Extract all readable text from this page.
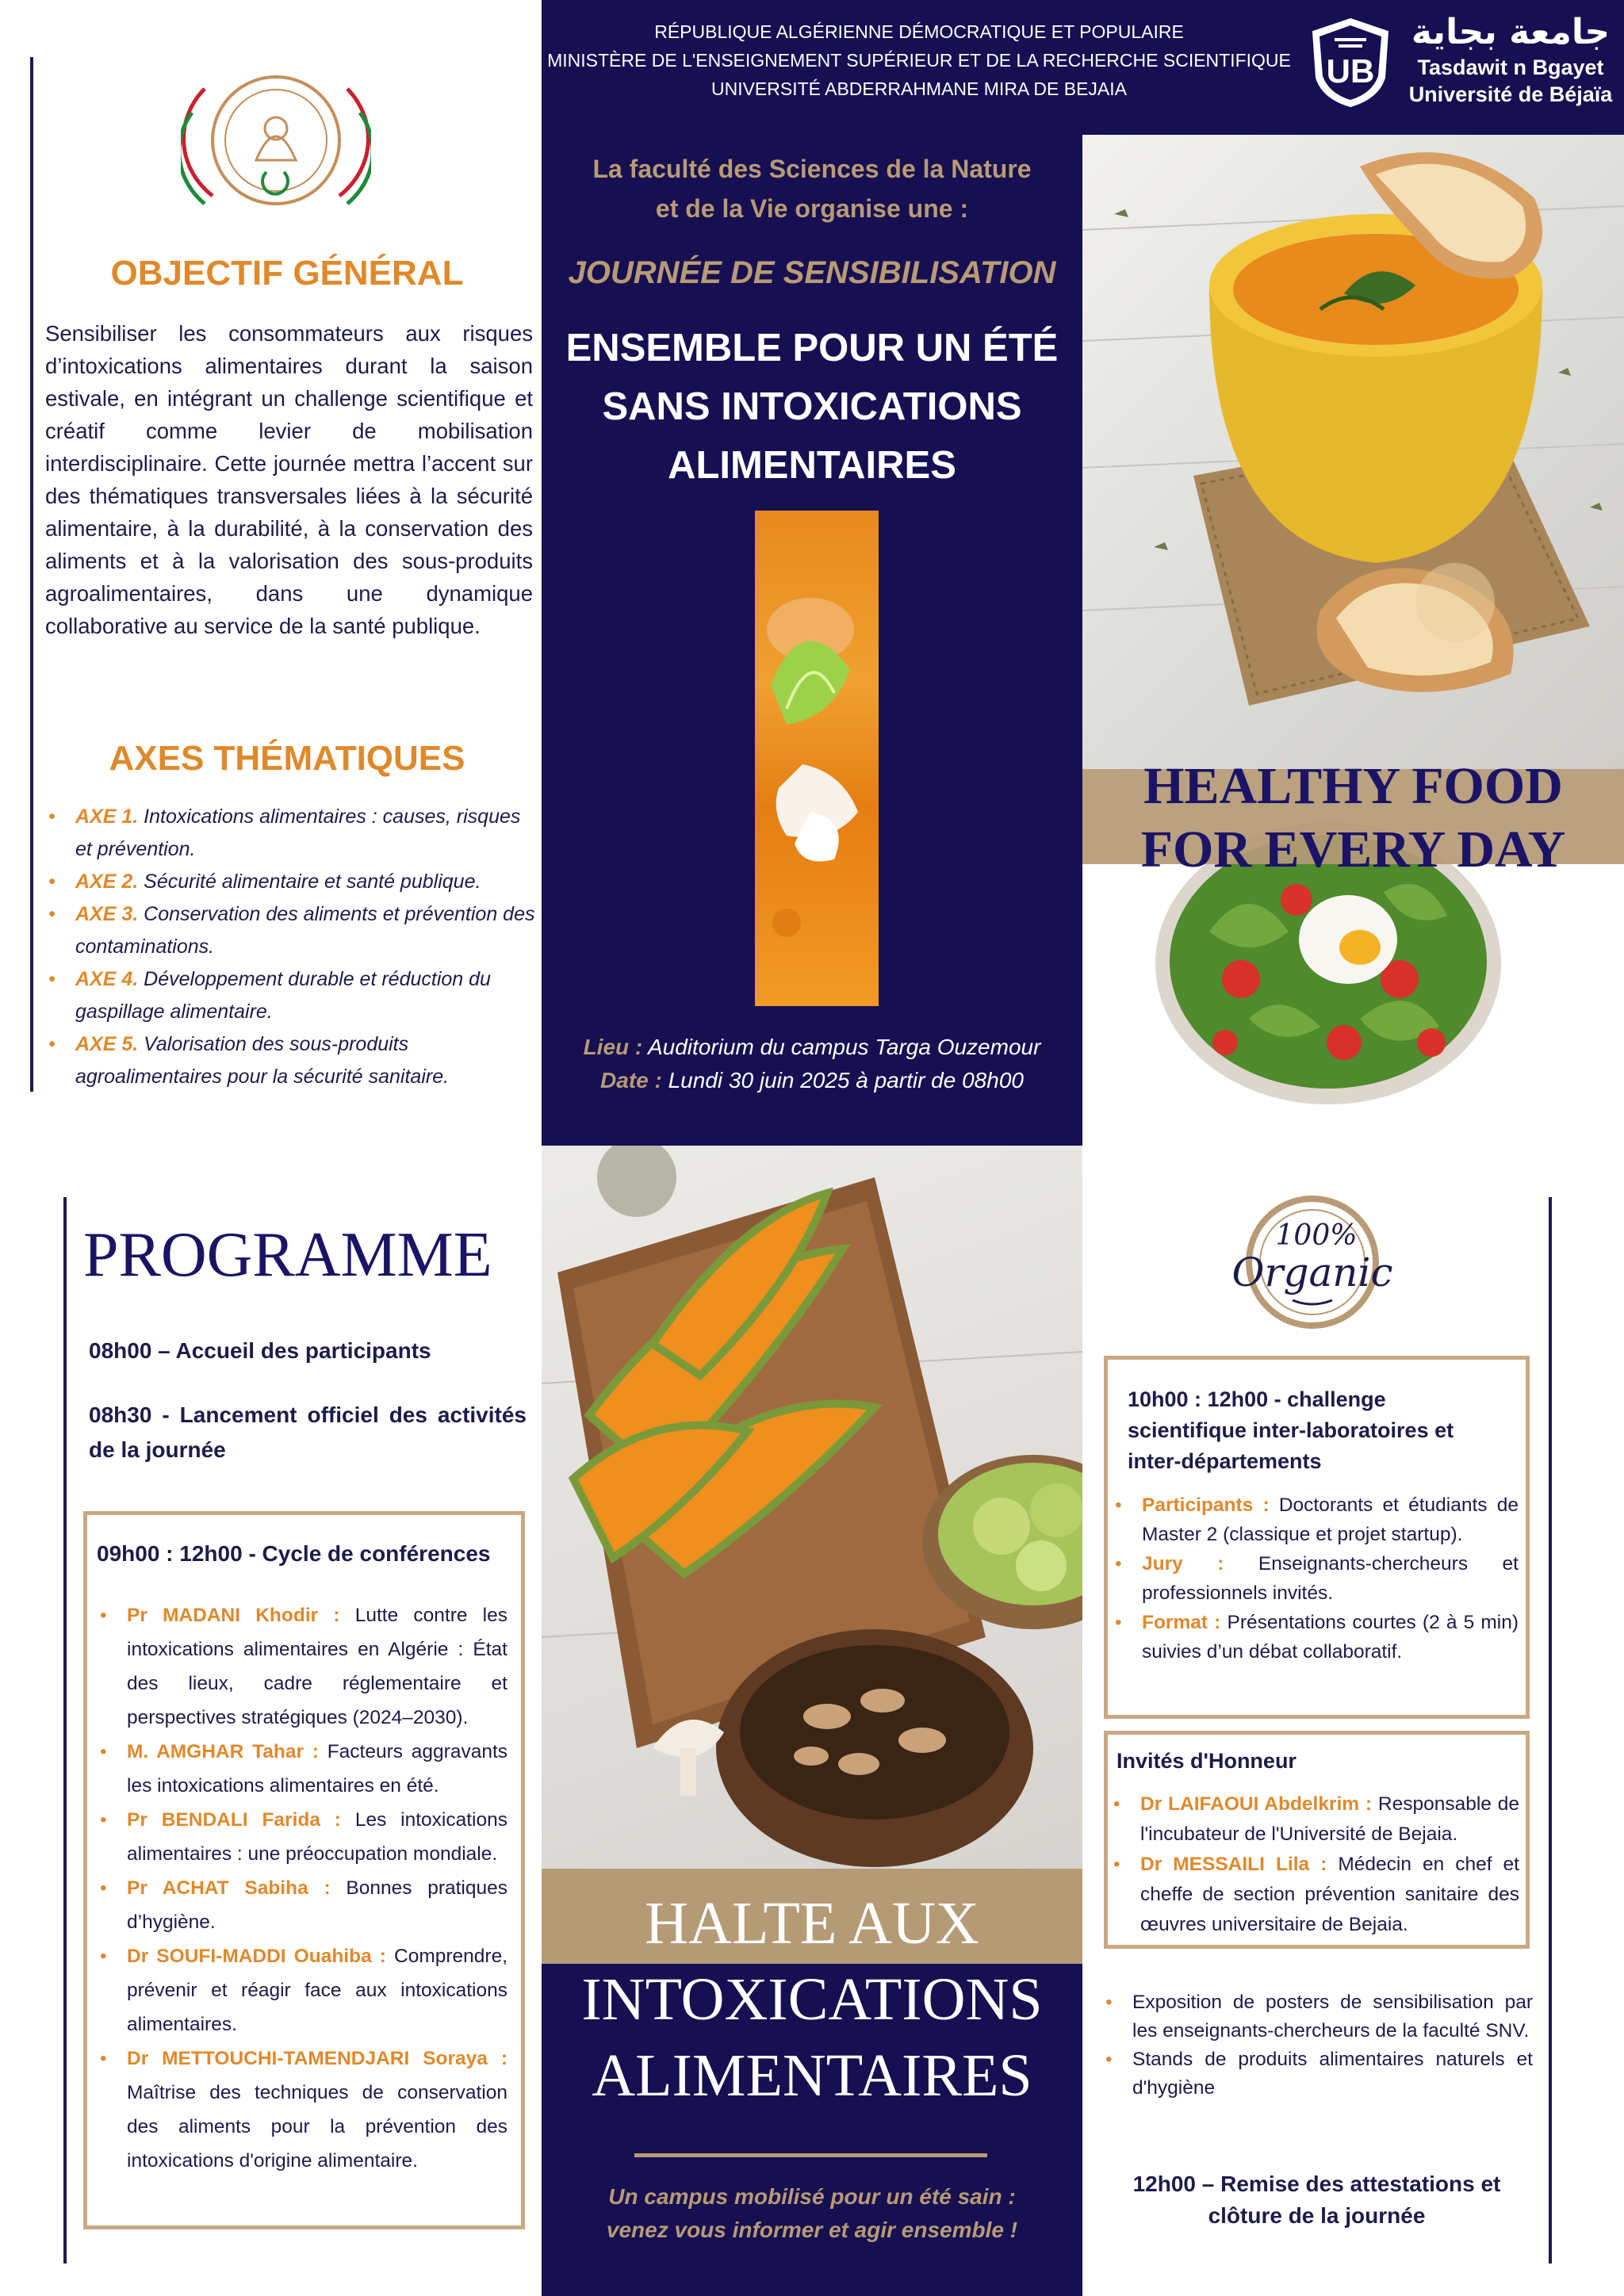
OBJECTIF GÉNÉRAL
Sensibiliser les consommateurs aux risques d’intoxications alimentaires durant la saison estivale, en intégrant un challenge scientifique et créatif comme levier de mobilisation interdisciplinaire. Cette journée mettra l’accent sur des thématiques transversales liées à la sécurité alimentaire, à la durabilité, à la conservation des aliments et à la valorisation des sous-produits agroalimentaires, dans une dynamique collaborative au service de la santé publique.
AXES THÉMATIQUES
• AXE 1. Intoxications alimentaires : causes, risques et prévention.
• AXE 2. Sécurité alimentaire et santé publique.
• AXE 3. Conservation des aliments et prévention des contaminations.
• AXE 4. Développement durable et réduction du gaspillage alimentaire.
• AXE 5. Valorisation des sous-produits agroalimentaires pour la sécurité sanitaire.
RÉPUBLIQUE ALGÉRIENNE DÉMOCRATIQUE ET POPULAIRE
MINISTÈRE DE L'ENSEIGNEMENT SUPÉRIEUR ET DE LA RECHERCHE SCIENTIFIQUE
UNIVERSITÉ ABDERRAHMANE MIRA DE BEJAIA	UB
جامعة بجاية
Tasdawit n Bgayet
Université de Béjaïa
La faculté des Sciences de la Nature
et de la Vie organise une :
JOURNÉE DE SENSIBILISATION
ENSEMBLE POUR UN ÉTÉ
SANS INTOXICATIONS
ALIMENTAIRES
Lieu : Auditorium du campus Targa Ouzemour
Date : Lundi 30 juin 2025 à partir de 08h00
HEALTHY FOOD
FOR EVERY DAY
PROGRAMME
08h00 – Accueil des participants
08h30 - Lancement officiel des activités de la journée
09h00 : 12h00 - Cycle de conférences
• Pr MADANI Khodir : Lutte contre les intoxications alimentaires en Algérie : État des lieux, cadre réglementaire et perspectives stratégiques (2024–2030).
• M. AMGHAR Tahar : Facteurs aggravants les intoxications alimentaires en été.
• Pr BENDALI Farida : Les intoxications alimentaires : une préoccupation mondiale.
• Pr ACHAT Sabiha : Bonnes pratiques d’hygiène.
• Dr SOUFI-MADDI Ouahiba : Comprendre, prévenir et réagir face aux intoxications alimentaires.
• Dr METTOUCHI-TAMENDJARI Soraya : Maîtrise des techniques de conservation des aliments pour la prévention des intoxications d'origine alimentaire.
HALTE AUX
INTOXICATIONS
ALIMENTAIRES
Un campus mobilisé pour un été sain :
venez vous informer et agir ensemble !
100%
Organic
10h00 : 12h00 - challenge scientifique inter-laboratoires et inter-départements
• Participants : Doctorants et étudiants de Master 2 (classique et projet startup).
• Jury : Enseignants-chercheurs et professionnels invités.
• Format : Présentations courtes (2 à 5 min) suivies d’un débat collaboratif.
Invités d'Honneur
• Dr LAIFAOUI Abdelkrim : Responsable de l'incubateur de l'Université de Bejaia.
• Dr MESSAILI Lila : Médecin en chef et cheffe de section prévention sanitaire des œuvres universitaire de Bejaia.
• Exposition de posters de sensibilisation par les enseignants-chercheurs de la faculté SNV.
• Stands de produits alimentaires naturels et d'hygiène
12h00 – Remise des attestations et
clôture de la journée
